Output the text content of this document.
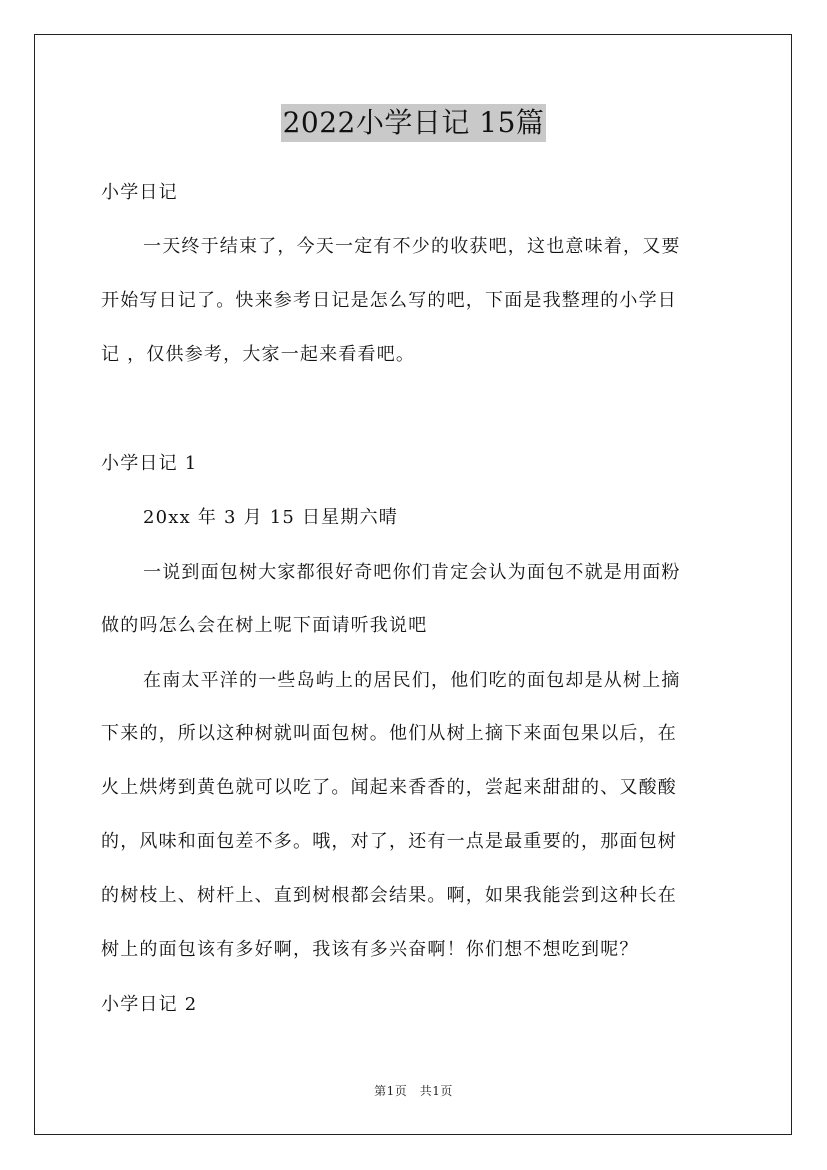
2022小学日记 15篇
小学日记
一天终于结束了，今天一定有不少的收获吧，这也意味着，又要
开始写日记了。快来参考日记是怎么写的吧，下面是我整理的小学日
记 ，仅供参考，大家一起来看看吧。
小学日记 1
20xx 年 3 月 15 日星期六晴
一说到面包树大家都很好奇吧你们肯定会认为面包不就是用面粉
做的吗怎么会在树上呢下面请听我说吧
在南太平洋的一些岛屿上的居民们，他们吃的面包却是从树上摘
下来的，所以这种树就叫面包树。他们从树上摘下来面包果以后，在
火上烘烤到黄色就可以吃了。闻起来香香的，尝起来甜甜的、又酸酸
的，风味和面包差不多。哦，对了，还有一点是最重要的，那面包树
的树枝上、树杆上、直到树根都会结果。啊，如果我能尝到这种长在
树上的面包该有多好啊，我该有多兴奋啊！你们想不想吃到呢？
小学日记 2
第1页　共1页
